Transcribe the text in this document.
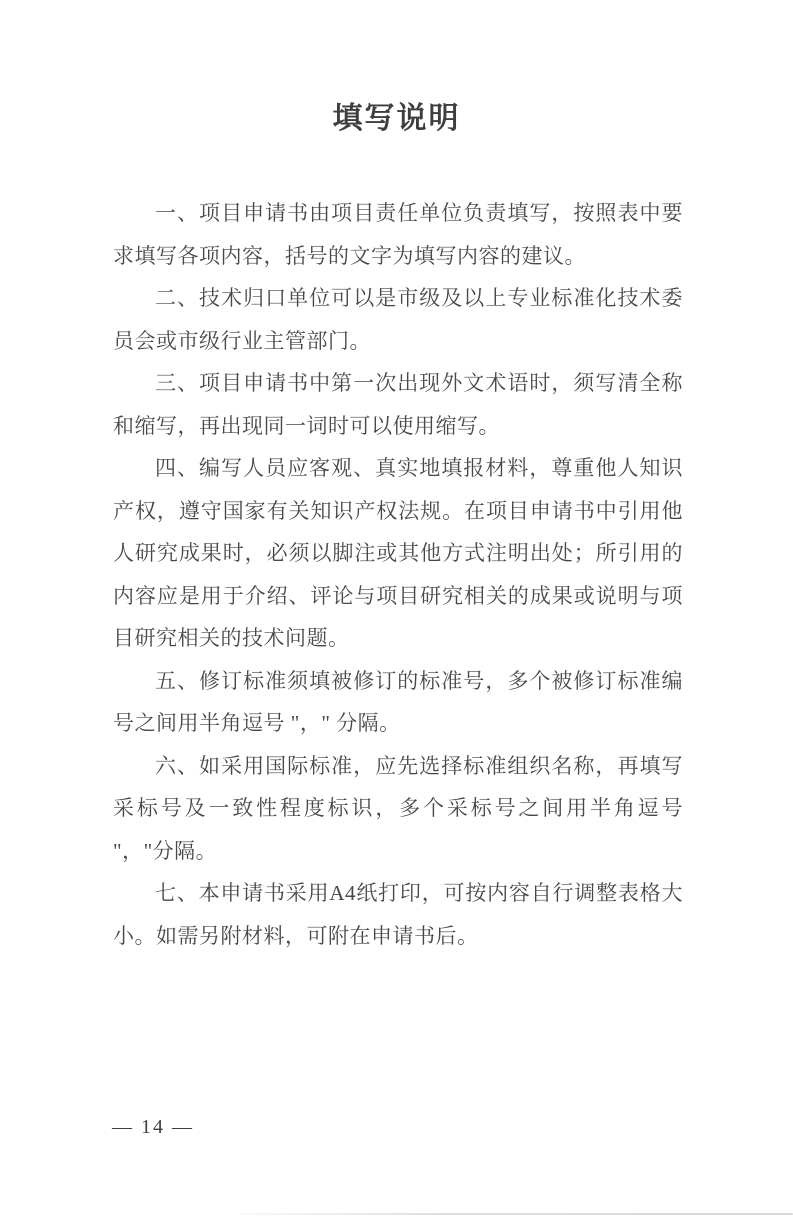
填写说明

一、项目申请书由项目责任单位负责填写，按照表中要求填写各项内容，括号的文字为填写内容的建议。

二、技术归口单位可以是市级及以上专业标准化技术委员会或市级行业主管部门。

三、项目申请书中第一次出现外文术语时，须写清全称和缩写，再出现同一词时可以使用缩写。

四、编写人员应客观、真实地填报材料，尊重他人知识产权，遵守国家有关知识产权法规。在项目申请书中引用他人研究成果时，必须以脚注或其他方式注明出处；所引用的内容应是用于介绍、评论与项目研究相关的成果或说明与项目研究相关的技术问题。

五、修订标准须填被修订的标准号，多个被修订标准编号之间用半角逗号 "，" 分隔。

六、如采用国际标准，应先选择标准组织名称，再填写采标号及一致性程度标识，多个采标号之间用半角逗号 "，"分隔。

七、本申请书采用A4纸打印，可按内容自行调整表格大小。如需另附材料，可附在申请书后。

— 14 —
